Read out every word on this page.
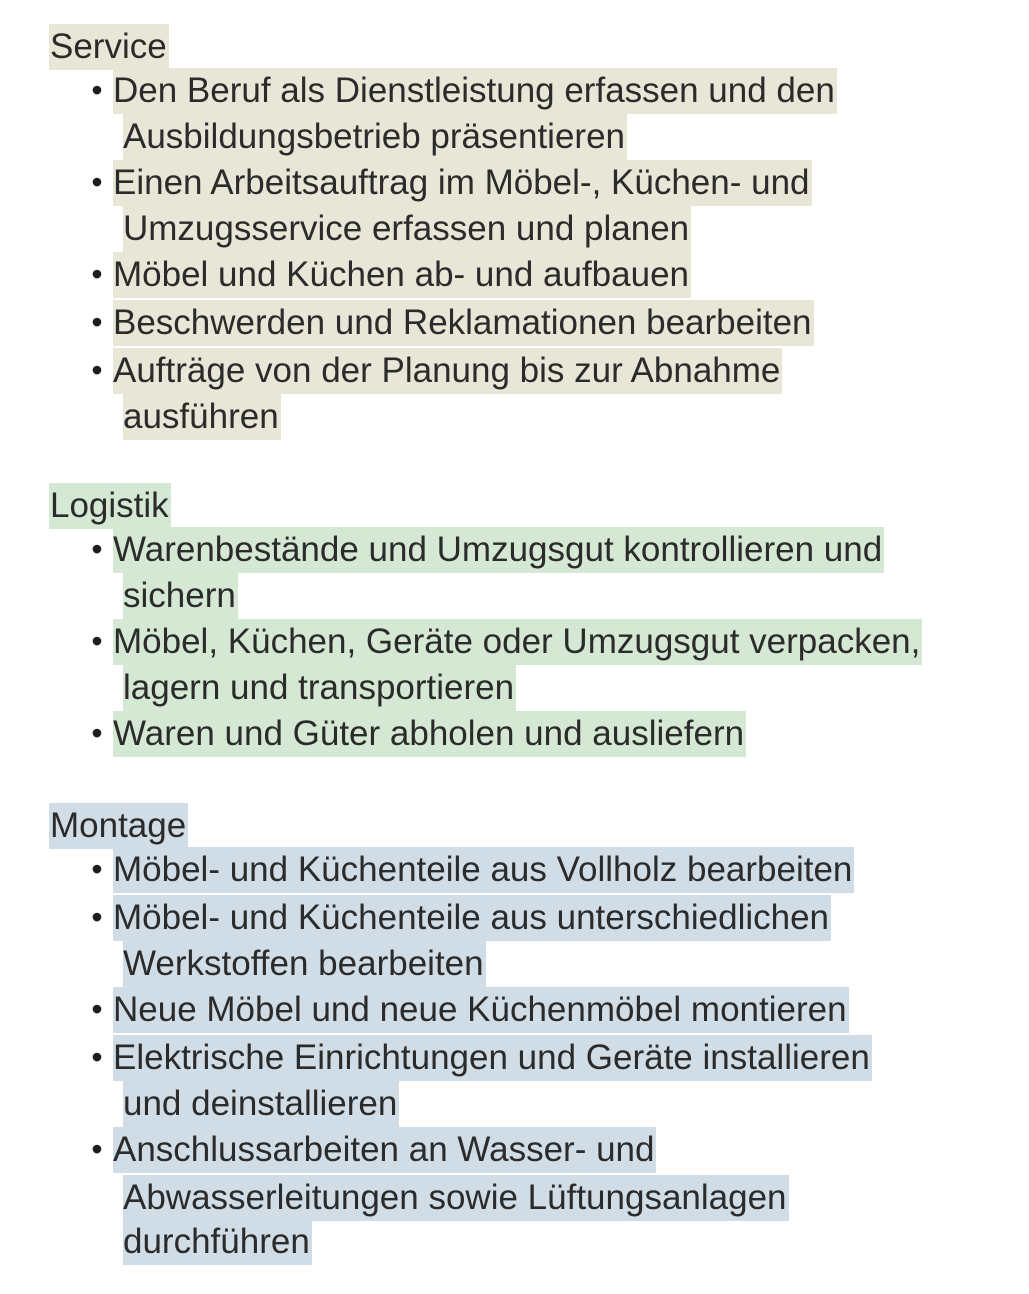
Service
• Den Beruf als Dienstleistung erfassen und den
Ausbildungsbetrieb präsentieren
• Einen Arbeitsauftrag im Möbel-, Küchen- und
Umzugsservice erfassen und planen
• Möbel und Küchen ab- und aufbauen
• Beschwerden und Reklamationen bearbeiten
• Aufträge von der Planung bis zur Abnahme
ausführen
Logistik
• Warenbestände und Umzugsgut kontrollieren und
sichern
• Möbel, Küchen, Geräte oder Umzugsgut verpacken,
lagern und transportieren
• Waren und Güter abholen und ausliefern
Montage
• Möbel- und Küchenteile aus Vollholz bearbeiten
• Möbel- und Küchenteile aus unterschiedlichen
Werkstoffen bearbeiten
• Neue Möbel und neue Küchenmöbel montieren
• Elektrische Einrichtungen und Geräte installieren
und deinstallieren
• Anschlussarbeiten an Wasser- und
Abwasserleitungen sowie Lüftungsanlagen
durchführen
